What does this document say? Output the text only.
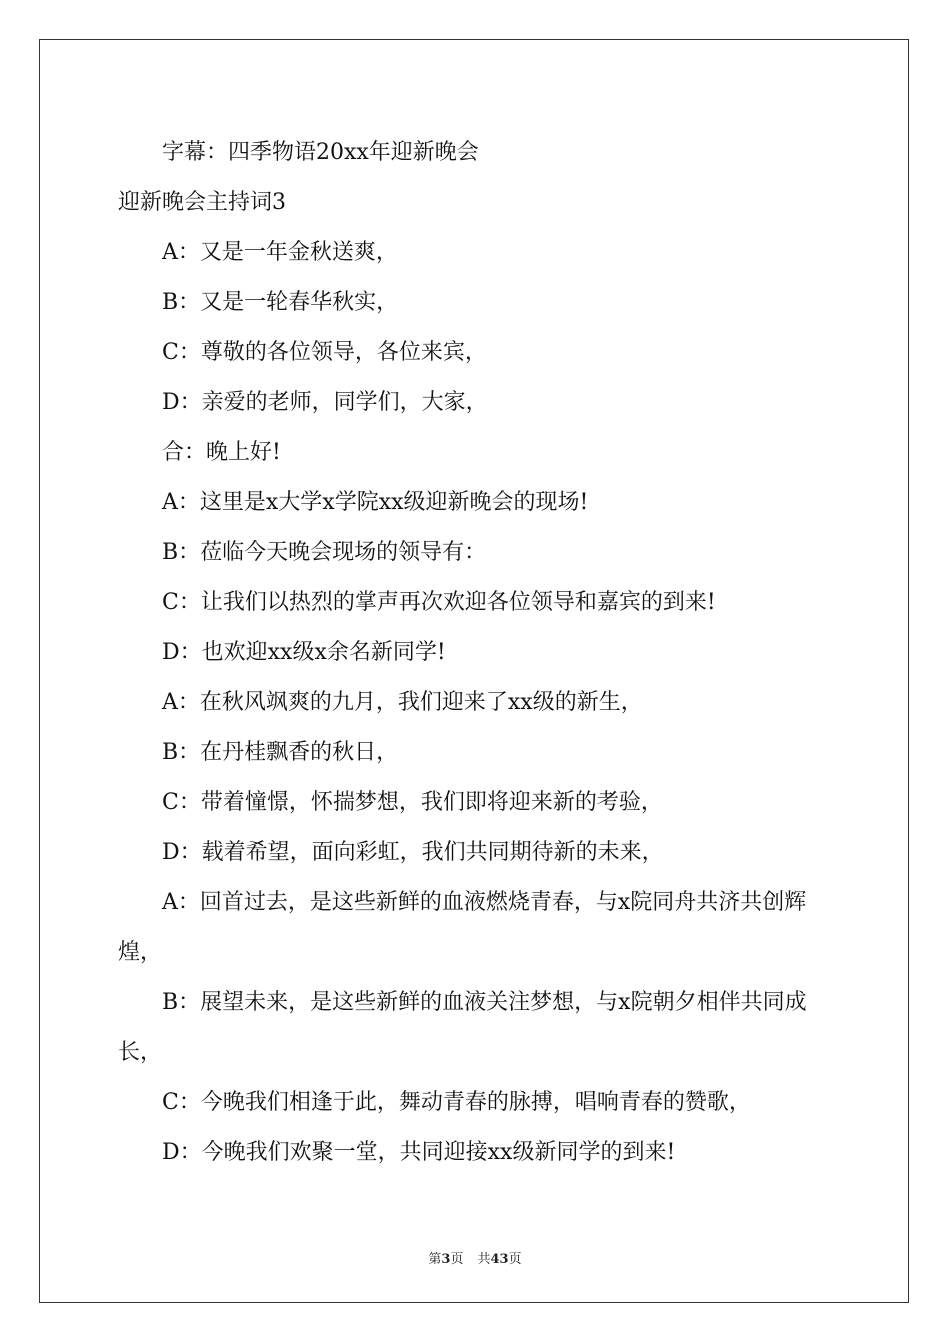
字幕：四季物语20xx年迎新晚会

迎新晚会主持词3

A：又是一年金秋送爽，

B：又是一轮春华秋实，

C：尊敬的各位领导，各位来宾，

D：亲爱的老师，同学们，大家，

合：晚上好!

A：这里是x大学x学院xx级迎新晚会的现场!

B：莅临今天晚会现场的领导有：

C：让我们以热烈的掌声再次欢迎各位领导和嘉宾的到来!

D：也欢迎xx级x余名新同学!

A：在秋风飒爽的九月，我们迎来了xx级的新生，

B：在丹桂飘香的秋日，

C：带着憧憬，怀揣梦想，我们即将迎来新的考验，

D：载着希望，面向彩虹，我们共同期待新的未来，

A：回首过去，是这些新鲜的血液燃烧青春，与x院同舟共济共创辉煌，

B：展望未来，是这些新鲜的血液关注梦想，与x院朝夕相伴共同成长，

C：今晚我们相逢于此，舞动青春的脉搏，唱响青春的赞歌，

D：今晚我们欢聚一堂，共同迎接xx级新同学的到来!

第3页 共43页
